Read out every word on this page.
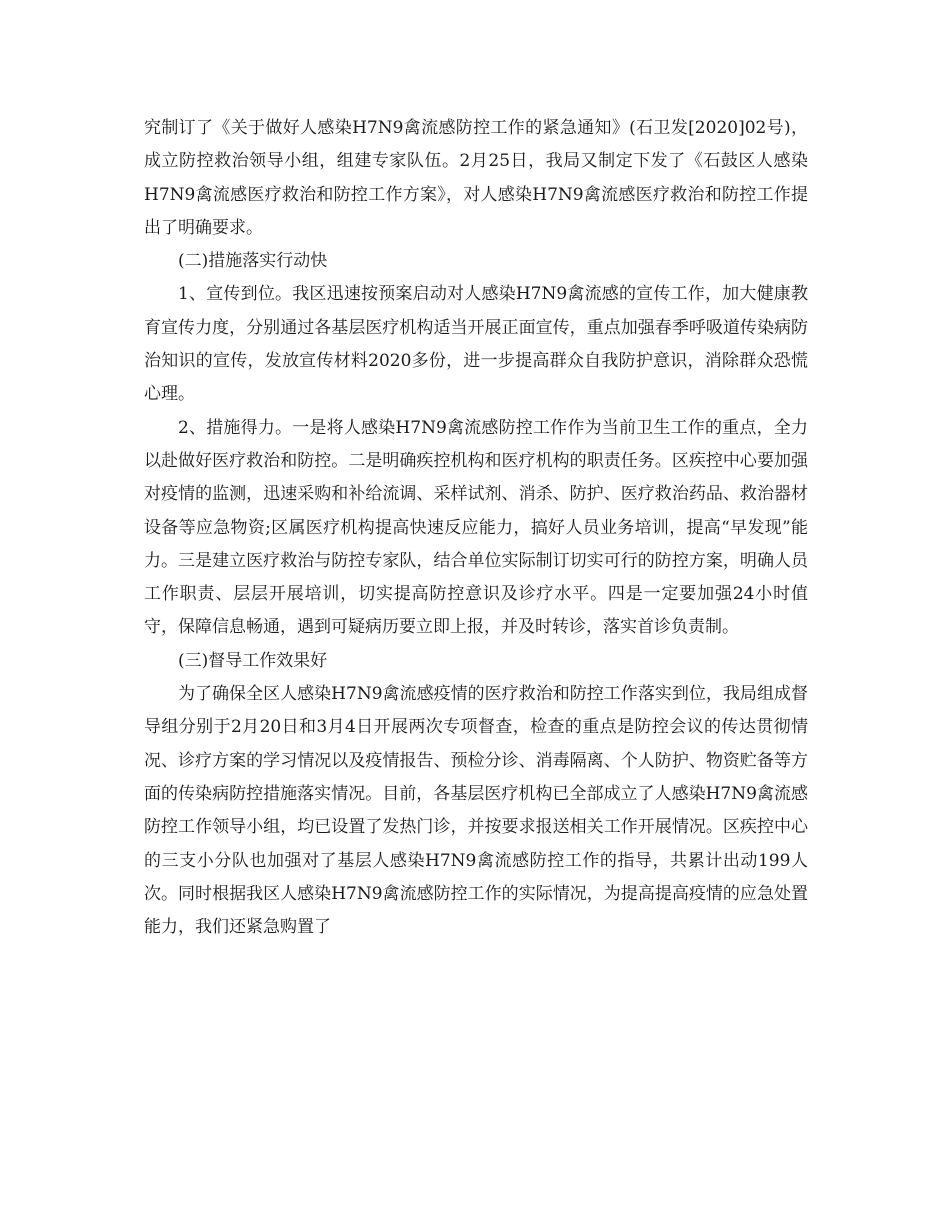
究制订了《关于做好人感染H7N9禽流感防控工作的紧急通知》(石卫发[2020]02号)，成立防控救治领导小组，组建专家队伍。2月25日，我局又制定下发了《石鼓区人感染H7N9禽流感医疗救治和防控工作方案》，对人感染H7N9禽流感医疗救治和防控工作提出了明确要求。

(二)措施落实行动快

1、宣传到位。我区迅速按预案启动对人感染H7N9禽流感的宣传工作，加大健康教育宣传力度，分别通过各基层医疗机构适当开展正面宣传，重点加强春季呼吸道传染病防治知识的宣传，发放宣传材料2020多份，进一步提高群众自我防护意识，消除群众恐慌心理。

2、措施得力。一是将人感染H7N9禽流感防控工作作为当前卫生工作的重点，全力以赴做好医疗救治和防控。二是明确疾控机构和医疗机构的职责任务。区疾控中心要加强对疫情的监测，迅速采购和补给流调、采样试剂、消杀、防护、医疗救治药品、救治器材设备等应急物资;区属医疗机构提高快速反应能力，搞好人员业务培训，提高“早发现”能力。三是建立医疗救治与防控专家队，结合单位实际制订切实可行的防控方案，明确人员工作职责、层层开展培训，切实提高防控意识及诊疗水平。四是一定要加强24小时值守，保障信息畅通，遇到可疑病历要立即上报，并及时转诊，落实首诊负责制。

(三)督导工作效果好

为了确保全区人感染H7N9禽流感疫情的医疗救治和防控工作落实到位，我局组成督导组分别于2月20日和3月4日开展两次专项督查，检查的重点是防控会议的传达贯彻情况、诊疗方案的学习情况以及疫情报告、预检分诊、消毒隔离、个人防护、物资贮备等方面的传染病防控措施落实情况。目前，各基层医疗机构已全部成立了人感染H7N9禽流感防控工作领导小组，均已设置了发热门诊，并按要求报送相关工作开展情况。区疾控中心的三支小分队也加强对了基层人感染H7N9禽流感防控工作的指导，共累计出动199人次。同时根据我区人感染H7N9禽流感防控工作的实际情况，为提高提高疫情的应急处置能力，我们还紧急购置了
